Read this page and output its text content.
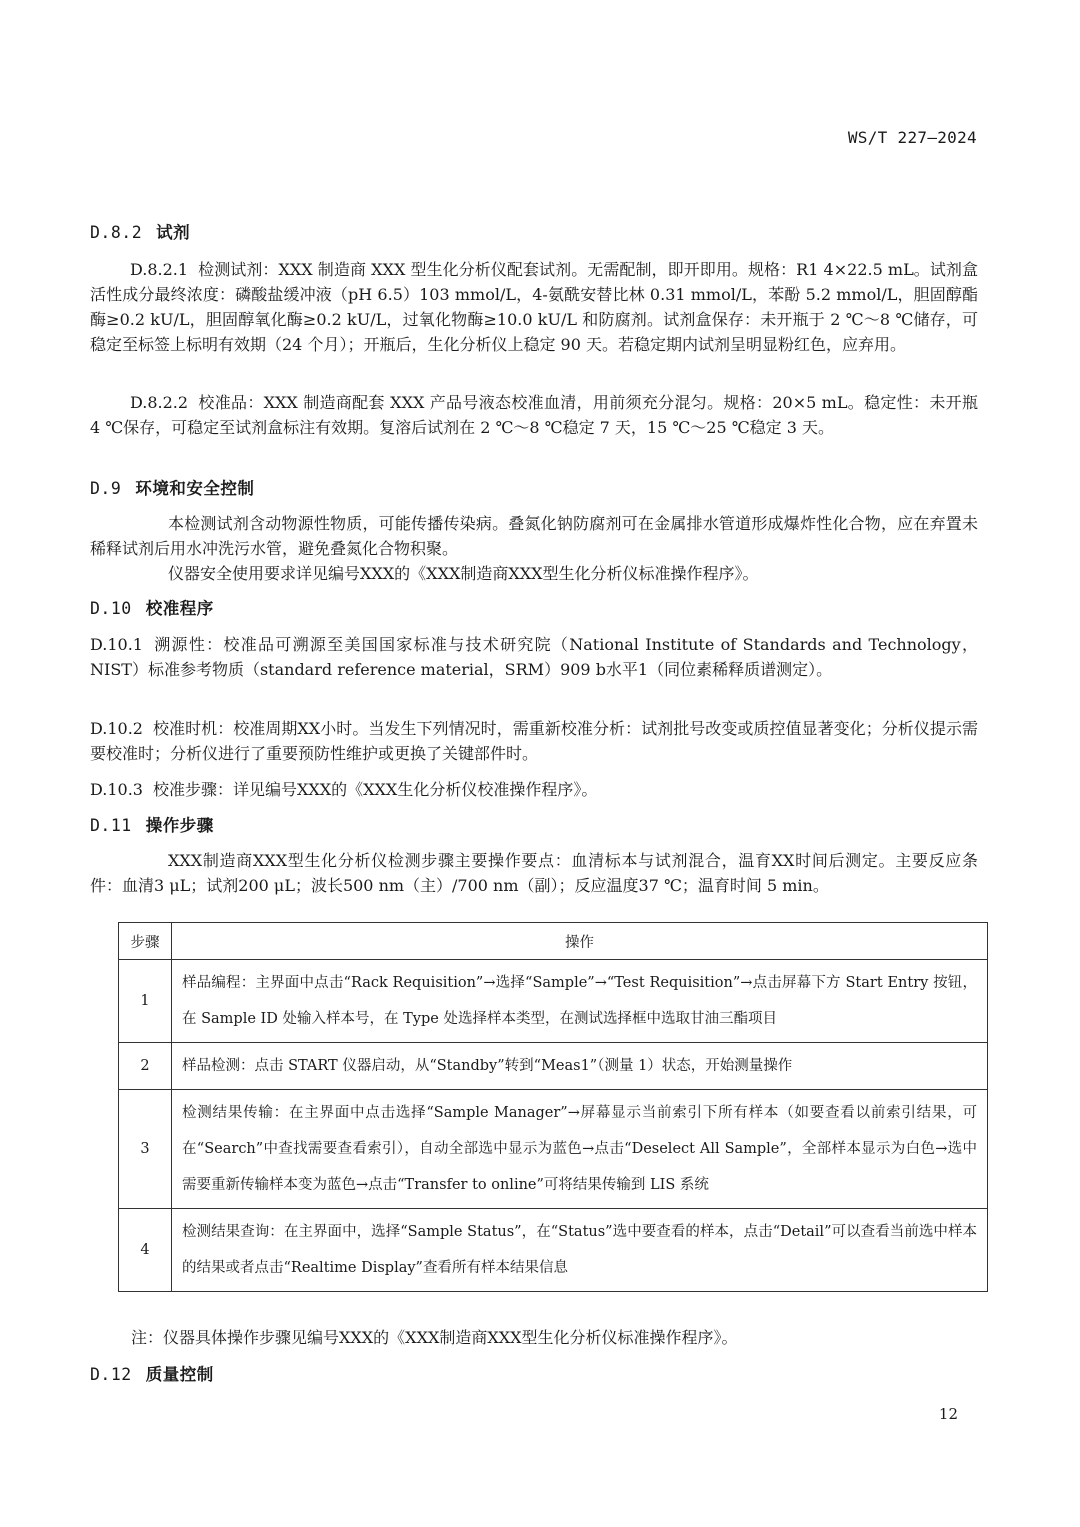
WS/T 227—2024
D.8.2 试剂
D.8.2.1 检测试剂：XXX 制造商 XXX 型生化分析仪配套试剂。无需配制，即开即用。规格：R1 4×22.5 mL。试剂盒活性成分最终浓度：磷酸盐缓冲液（pH 6.5）103 mmol/L，4-氨酰安替比林 0.31 mmol/L，苯酚 5.2 mmol/L，胆固醇酯酶≥0.2 kU/L，胆固醇氧化酶≥0.2 kU/L，过氧化物酶≥10.0 kU/L 和防腐剂。试剂盒保存：未开瓶于 2 ℃～8 ℃储存，可稳定至标签上标明有效期（24 个月）；开瓶后，生化分析仪上稳定 90 天。若稳定期内试剂呈明显粉红色，应弃用。
D.8.2.2 校准品：XXX 制造商配套 XXX 产品号液态校准血清，用前须充分混匀。规格：20×5 mL。稳定性：未开瓶 4 ℃保存，可稳定至试剂盒标注有效期。复溶后试剂在 2 ℃～8 ℃稳定 7 天，15 ℃～25 ℃稳定 3 天。
D.9 环境和安全控制
本检测试剂含动物源性物质，可能传播传染病。叠氮化钠防腐剂可在金属排水管道形成爆炸性化合物，应在弃置未稀释试剂后用水冲洗污水管，避免叠氮化合物积聚。
仪器安全使用要求详见编号XXX的《XXX制造商XXX型生化分析仪标准操作程序》。
D.10 校准程序
D.10.1 溯源性：校准品可溯源至美国国家标准与技术研究院（National Institute of Standards and Technology，NIST）标准参考物质（standard reference material，SRM）909 b水平1（同位素稀释质谱测定）。
D.10.2 校准时机：校准周期XX小时。当发生下列情况时，需重新校准分析：试剂批号改变或质控值显著变化；分析仪提示需要校准时；分析仪进行了重要预防性维护或更换了关键部件时。
D.10.3 校准步骤：详见编号XXX的《XXX生化分析仪校准操作程序》。
D.11 操作步骤
XXX制造商XXX型生化分析仪检测步骤主要操作要点：血清标本与试剂混合，温育XX时间后测定。主要反应条件：血清3 μL；试剂200 μL；波长500 nm（主）/700 nm（副）；反应温度37 ℃；温育时间 5 min。
步骤	操作
1	样品编程：主界面中点击“Rack Requisition”→选择“Sample”→“Test Requisition”→点击屏幕下方 Start Entry 按钮，在 Sample ID 处输入样本号，在 Type 处选择样本类型，在测试选择框中选取甘油三酯项目
2	样品检测：点击 START 仪器启动，从“Standby”转到“Meas1”（测量 1）状态，开始测量操作
3	检测结果传输：在主界面中点击选择“Sample Manager”→屏幕显示当前索引下所有样本（如要查看以前索引结果，可在“Search”中查找需要查看索引），自动全部选中显示为蓝色→点击“Deselect All Sample”，全部样本显示为白色→选中需要重新传输样本变为蓝色→点击“Transfer to online”可将结果传输到 LIS 系统
4	检测结果查询：在主界面中，选择“Sample Status”，在“Status”选中要查看的样本，点击“Detail”可以查看当前选中样本的结果或者点击“Realtime Display”查看所有样本结果信息
注：仪器具体操作步骤见编号XXX的《XXX制造商XXX型生化分析仪标准操作程序》。
D.12 质量控制
12
